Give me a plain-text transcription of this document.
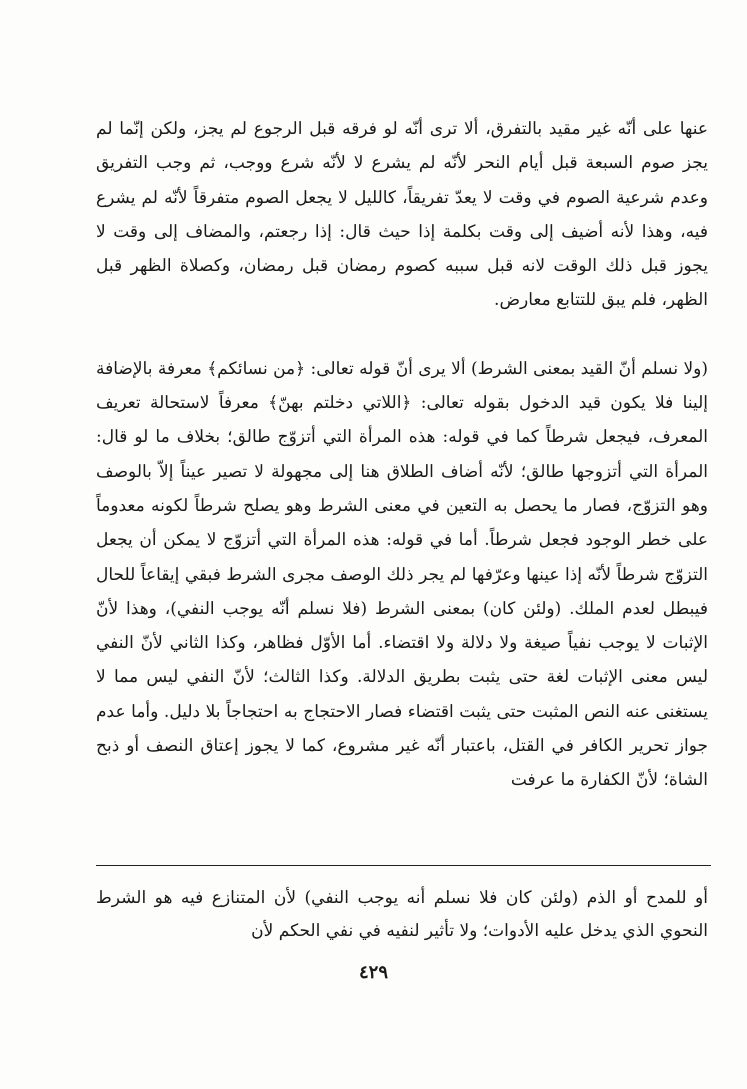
عنها على أنّه غير مقيد بالتفرق، ألا ترى أنّه لو فرقه قبل الرجوع لم يجز، ولكن إنّما لم يجز صوم السبعة قبل أيام النحر لأنّه لم يشرع لا لأنّه شرع ووجب، ثم وجب التفريق وعدم شرعية الصوم في وقت لا يعدّ تفريقاً، كالليل لا يجعل الصوم متفرقاً لأنّه لم يشرع فيه، وهذا لأنه أضيف إلى وقت بكلمة إذا حيث قال: إذا رجعتم، والمضاف إلى وقت لا يجوز قبل ذلك الوقت لانه قبل سببه كصوم رمضان قبل رمضان، وكصلاة الظهر قبل الظهر، فلم يبق للتتابع معارض.

(ولا نسلم أنّ القيد بمعنى الشرط) ألا يرى أنّ قوله تعالى: ﴿من نسائكم﴾ معرفة بالإضافة إلينا فلا يكون قيد الدخول بقوله تعالى: ﴿اللاتي دخلتم بهنّ﴾ معرفاً لاستحالة تعريف المعرف، فيجعل شرطاً كما في قوله: هذه المرأة التي أتزوّج طالق؛ بخلاف ما لو قال: المرأة التي أتزوجها طالق؛ لأنّه أضاف الطلاق هنا إلى مجهولة لا تصير عيناً إلاّ بالوصف وهو التزوّج، فصار ما يحصل به التعين في معنى الشرط وهو يصلح شرطاً لكونه معدوماً على خطر الوجود فجعل شرطاً. أما في قوله: هذه المرأة التي أتزوّج لا يمكن أن يجعل التزوّج شرطاً لأنّه إذا عينها وعرّفها لم يجر ذلك الوصف مجرى الشرط فبقي إيقاعاً للحال فيبطل لعدم الملك. (ولئن كان) بمعنى الشرط (فلا نسلم أنّه يوجب النفي)، وهذا لأنّ الإثبات لا يوجب نفياً صيغة ولا دلالة ولا اقتضاء. أما الأوّل فظاهر، وكذا الثاني لأنّ النفي ليس معنى الإثبات لغة حتى يثبت بطريق الدلالة. وكذا الثالث؛ لأنّ النفي ليس مما لا يستغنى عنه النص المثبت حتى يثبت اقتضاء فصار الاحتجاج به احتجاجاً بلا دليل. وأما عدم جواز تحرير الكافر في القتل، باعتبار أنّه غير مشروع، كما لا يجوز إعتاق النصف أو ذبح الشاة؛ لأنّ الكفارة ما عرفت

أو للمدح أو الذم (ولئن كان فلا نسلم أنه يوجب النفي) لأن المتنازع فيه هو الشرط النحوي الذي يدخل عليه الأدوات؛ ولا تأثير لنفيه في نفي الحكم لأن

٤٢٩
